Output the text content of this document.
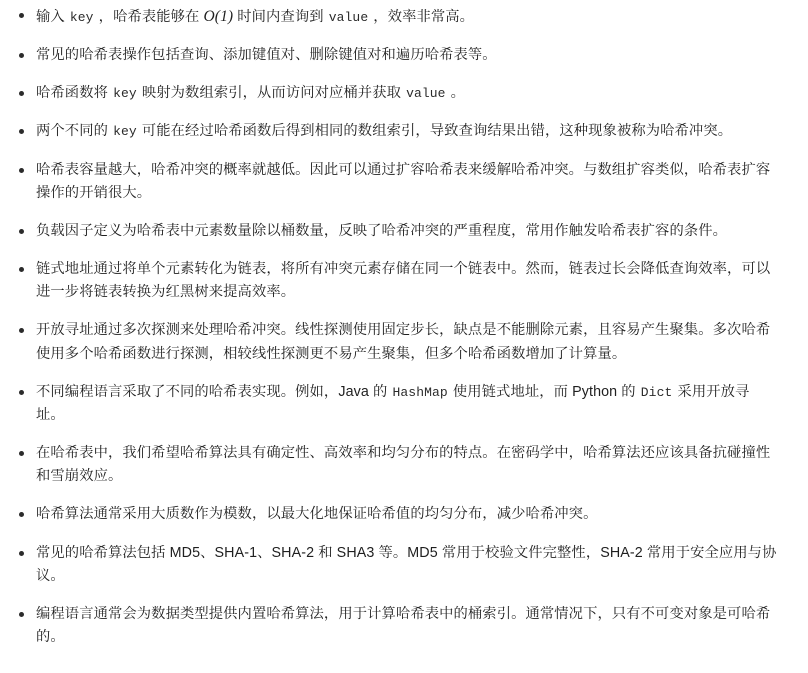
输入 key ，哈希表能够在 O(1) 时间内查询到 value ，效率非常高。
常见的哈希表操作包括查询、添加键值对、删除键值对和遍历哈希表等。
哈希函数将 key 映射为数组索引，从而访问对应桶并获取 value 。
两个不同的 key 可能在经过哈希函数后得到相同的数组索引，导致查询结果出错，这种现象被称为哈希冲突。
哈希表容量越大，哈希冲突的概率就越低。因此可以通过扩容哈希表来缓解哈希冲突。与数组扩容类似，哈希表扩容操作的开销很大。
负载因子定义为哈希表中元素数量除以桶数量，反映了哈希冲突的严重程度，常用作触发哈希表扩容的条件。
链式地址通过将单个元素转化为链表，将所有冲突元素存储在同一个链表中。然而，链表过长会降低查询效率，可以进一步将链表转换为红黑树来提高效率。
开放寻址通过多次探测来处理哈希冲突。线性探测使用固定步长，缺点是不能删除元素，且容易产生聚集。多次哈希使用多个哈希函数进行探测，相较线性探测更不易产生聚集，但多个哈希函数增加了计算量。
不同编程语言采取了不同的哈希表实现。例如，Java 的 HashMap 使用链式地址，而 Python 的 Dict 采用开放寻址。
在哈希表中，我们希望哈希算法具有确定性、高效率和均匀分布的特点。在密码学中，哈希算法还应该具备抗碰撞性和雪崩效应。
哈希算法通常采用大质数作为模数，以最大化地保证哈希值的均匀分布，减少哈希冲突。
常见的哈希算法包括 MD5、SHA-1、SHA-2 和 SHA3 等。MD5 常用于校验文件完整性，SHA-2 常用于安全应用与协议。
编程语言通常会为数据类型提供内置哈希算法，用于计算哈希表中的桶索引。通常情况下，只有不可变对象是可哈希的。
